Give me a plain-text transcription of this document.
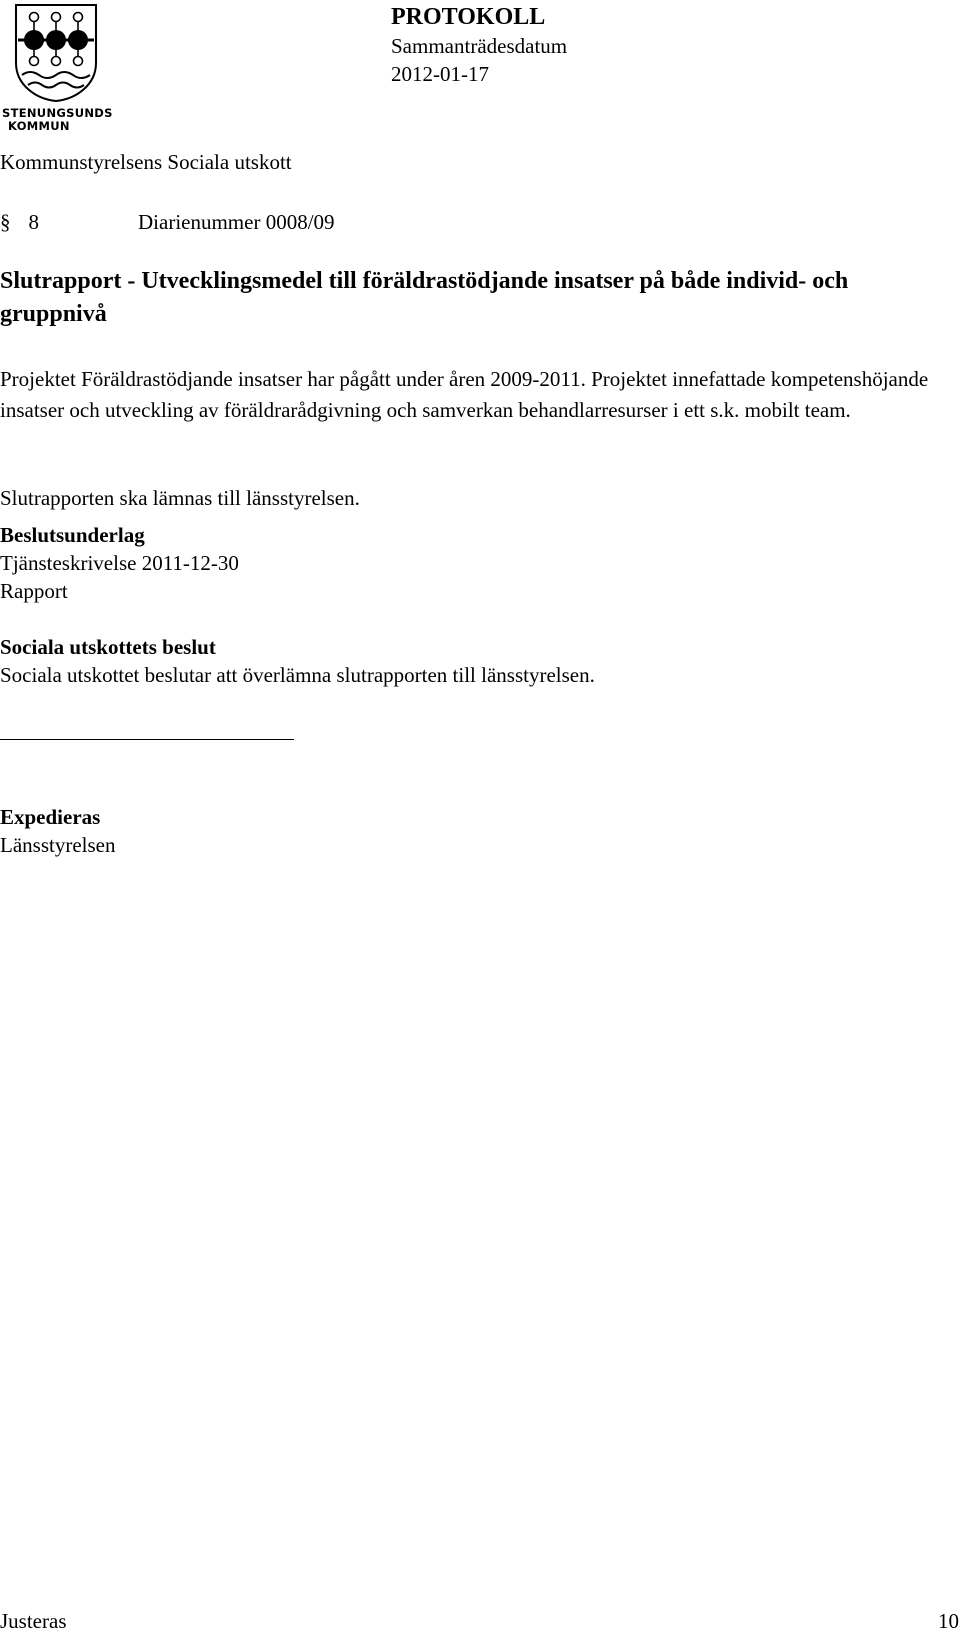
STENUNGSUNDS
KOMMUN
PROTOKOLL
Sammanträdesdatum
2012-01-17
Kommunstyrelsens Sociala utskott
§ 8	Diarienummer 0008/09
Slutrapport - Utvecklingsmedel till föräldrastödjande insatser på både individ- och gruppnivå

Projektet Föräldrastödjande insatser har pågått under åren 2009-2011. Projektet innefattade kompetenshöjande insatser och utveckling av föräldrarådgivning och samverkan behandlarresurser i ett s.k. mobilt team.

Slutrapporten ska lämnas till länsstyrelsen.

Beslutsunderlag
Tjänsteskrivelse 2011-12-30
Rapport
Sociala utskottets beslut
Sociala utskottet beslutar att överlämna slutrapporten till länsstyrelsen.
Expedieras
Länsstyrelsen
Justeras	10
